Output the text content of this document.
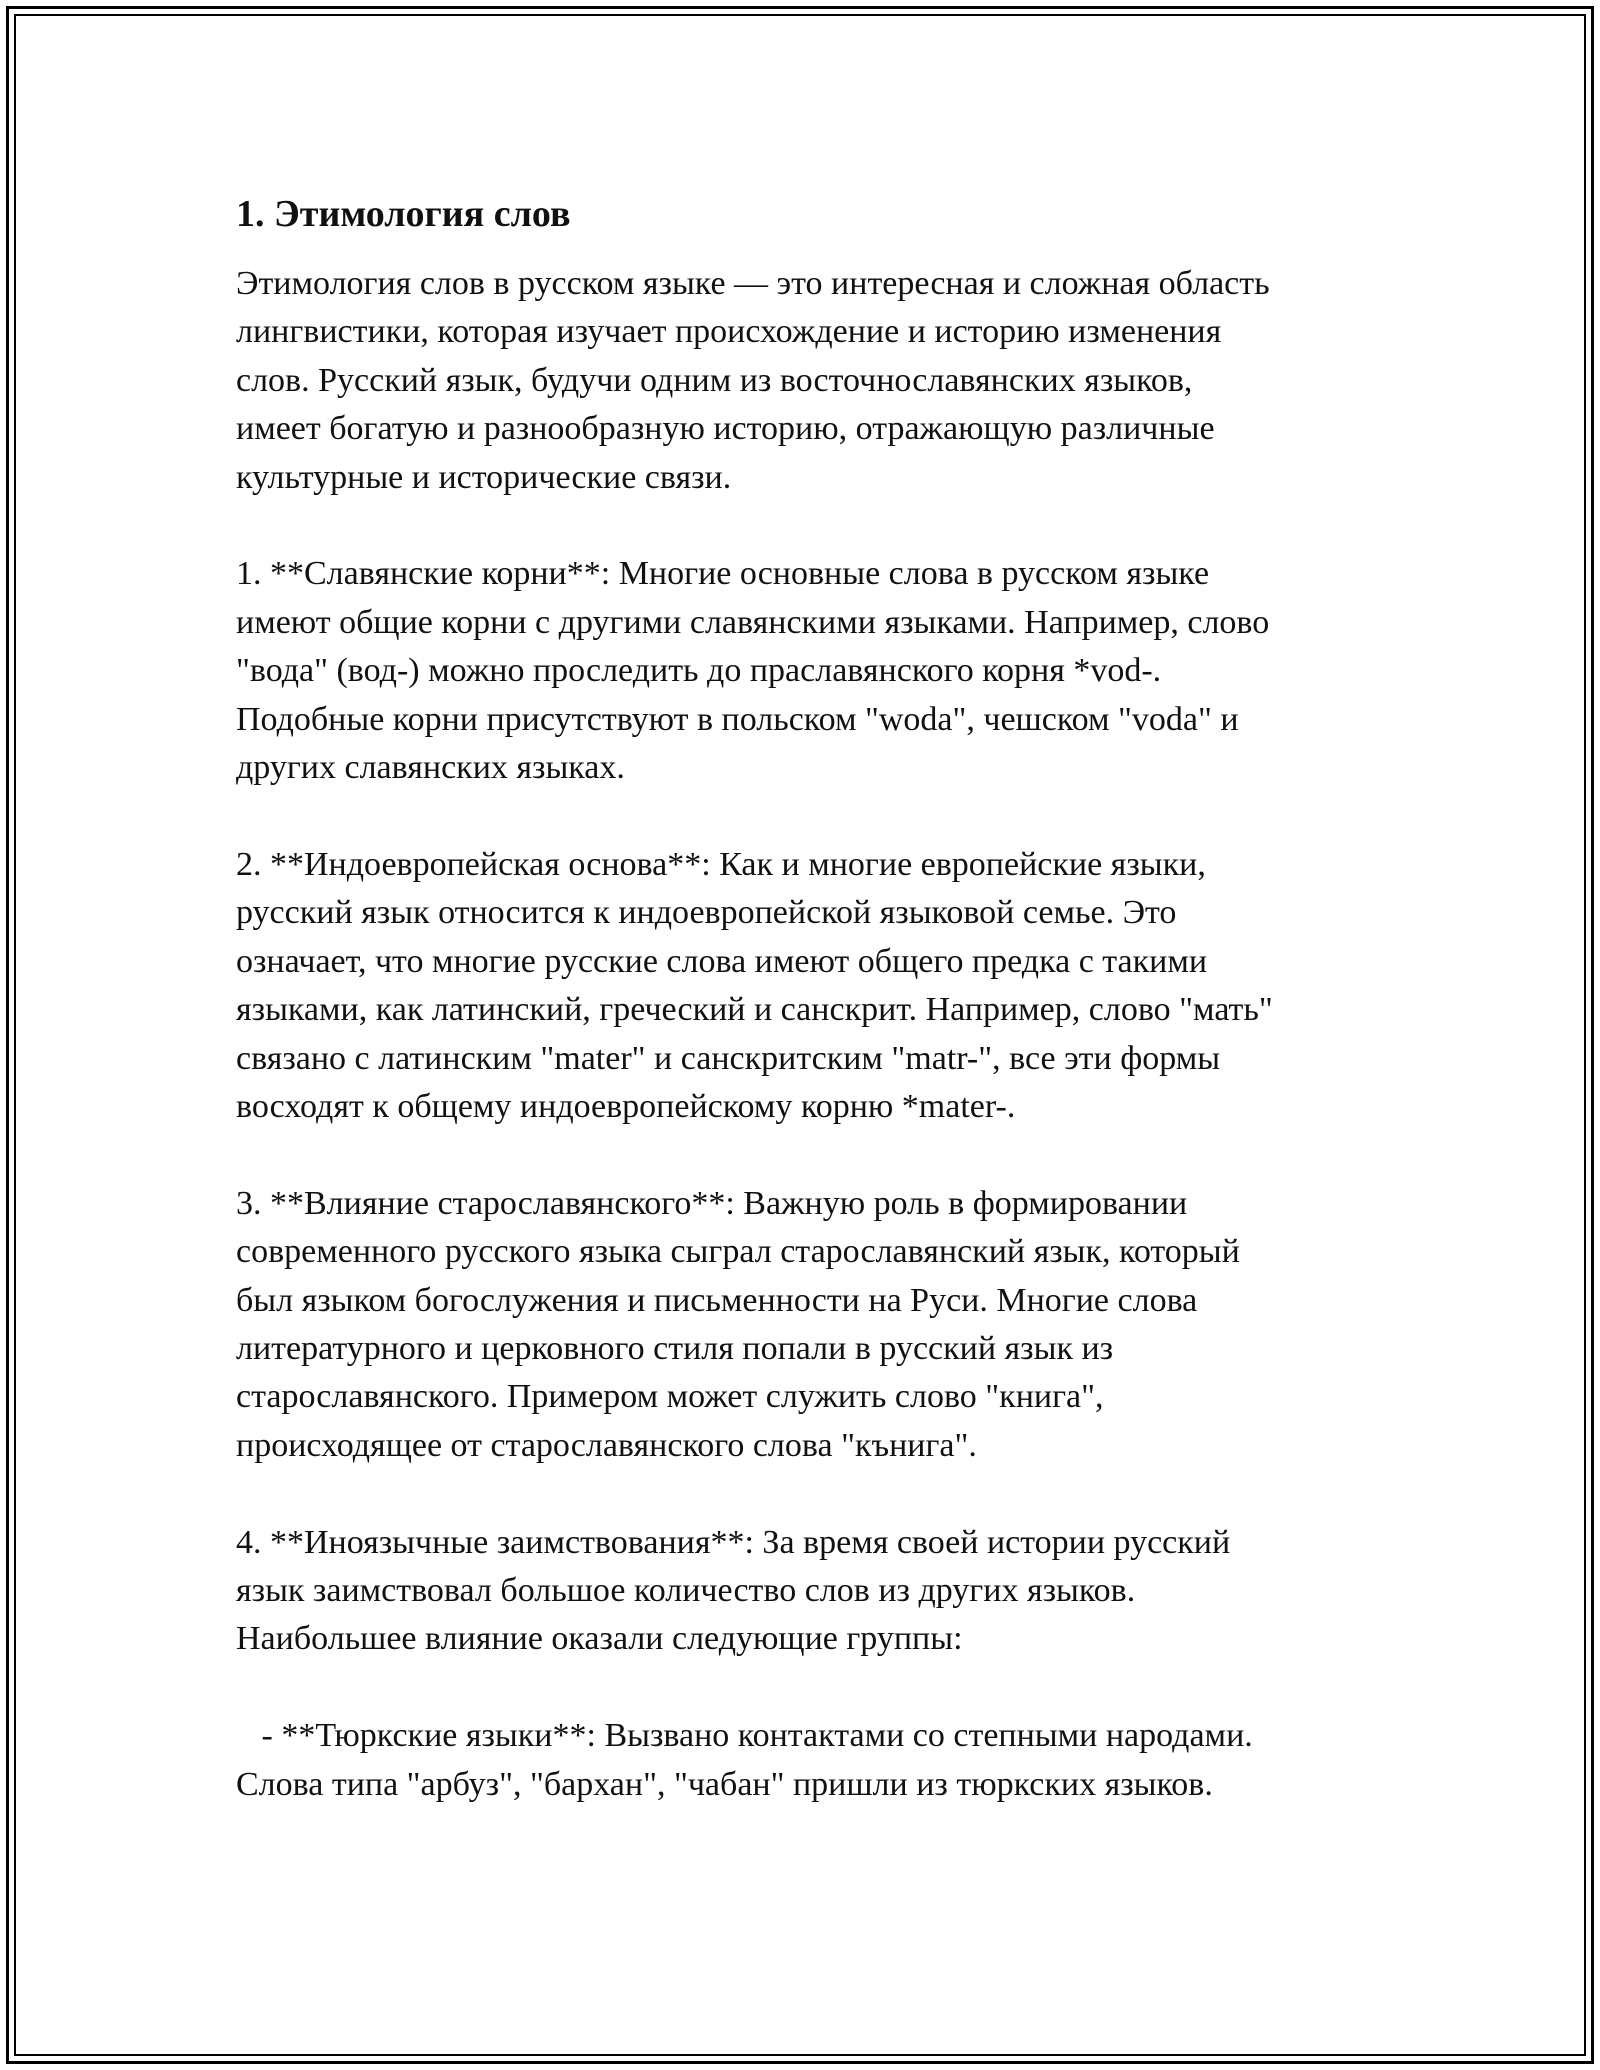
1. Этимология слов
Этимология слов в русском языке — это интересная и сложная область
лингвистики, которая изучает происхождение и историю изменения
слов. Русский язык, будучи одним из восточнославянских языков,
имеет богатую и разнообразную историю, отражающую различные
культурные и исторические связи.

1. **Славянские корни**: Многие основные слова в русском языке
имеют общие корни с другими славянскими языками. Например, слово
"вода" (вод-) можно проследить до праславянского корня *vod-.
Подобные корни присутствуют в польском "woda", чешском "voda" и
других славянских языках.

2. **Индоевропейская основа**: Как и многие европейские языки,
русский язык относится к индоевропейской языковой семье. Это
означает, что многие русские слова имеют общего предка с такими
языками, как латинский, греческий и санскрит. Например, слово "мать"
связано с латинским "mater" и санскритским "matr-", все эти формы
восходят к общему индоевропейскому корню *mater-.

3. **Влияние старославянского**: Важную роль в формировании
современного русского языка сыграл старославянский язык, который
был языком богослужения и письменности на Руси. Многие слова
литературного и церковного стиля попали в русский язык из
старославянского. Примером может служить слово "книга",
происходящее от старославянского слова "кънига".

4. **Иноязычные заимствования**: За время своей истории русский
язык заимствовал большое количество слов из других языков.
Наибольшее влияние оказали следующие группы:

- **Тюркские языки**: Вызвано контактами со степными народами.
Слова типа "арбуз", "бархан", "чабан" пришли из тюркских языков.
